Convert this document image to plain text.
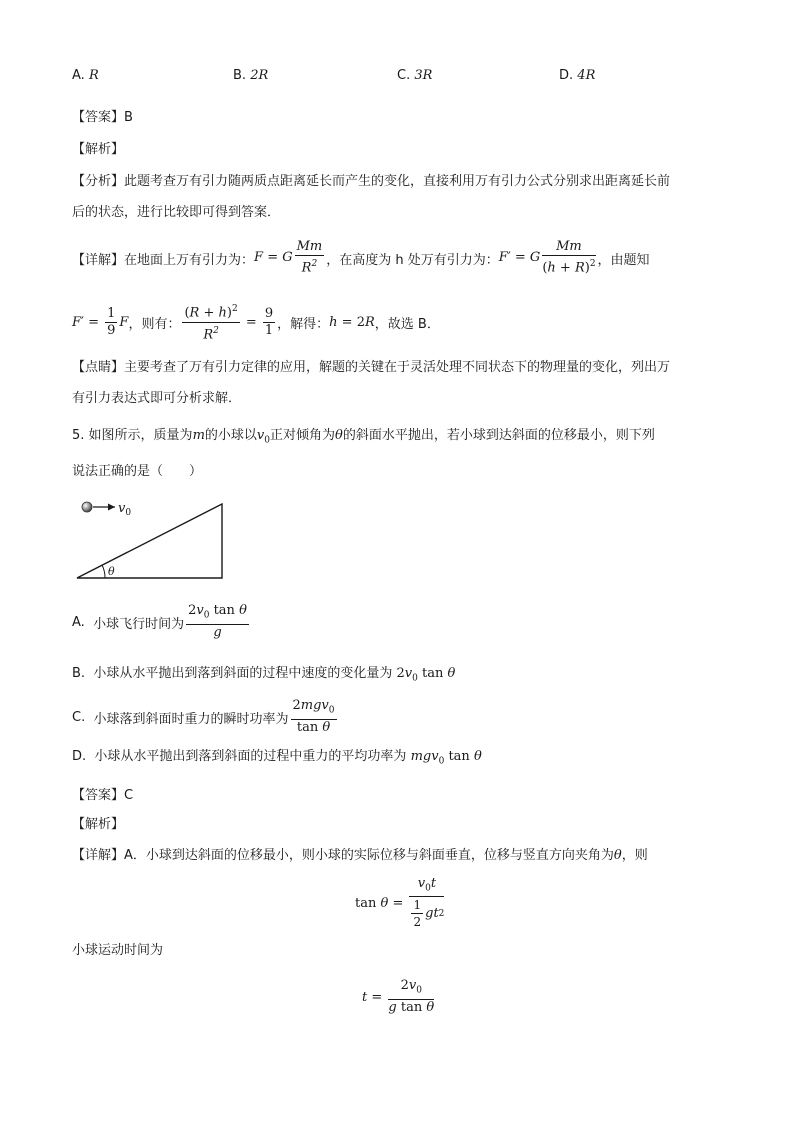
A. R	B. 2R	C. 3R	D. 4R
【答案】B
【解析】
【分析】此题考查万有引力随两质点距离延长而产生的变化，直接利用万有引力公式分别求出距离延长前
后的状态，进行比较即可得到答案．
【详解】 在地面上万有引力为： F = G $\frac{Mm}{R^2}$ ，在高度为 h 处万有引力为： F ′ = G $\frac{Mm}{(h + R)^2}$ ，由题知
F ′ = $\frac{1}{9}$ F ，则有： $\frac{(R + h)^2}{R^2} = \frac{9}{1}$ ，解得： h = 2R ，故选 B．
【点睛】主要考查了万有引力定律的应用，解题的关键在于灵活处理不同状态下的物理量的变化，列出万
有引力表达式即可分析求解．
5. 如图所示，质量为m的小球以$v_0$正对倾角为θ的斜面水平抛出，若小球到达斜面的位移最小，则下列
说法正确的是（　　）
$v_0$
θ
A.
小球飞行时间为 $\frac{2v_0 \tan \theta}{g}$
B. 小球从水平抛出到落到斜面的过程中速度的变化量为 $2v_0$ tan θ
C.
小球落到斜面时重力的瞬时功率为 $\frac{2mgv_0}{\text{tan θ}}$
D. 小球从水平抛出到落到斜面的过程中重力的平均功率为 mgv$_0$ tan θ
【答案】C
【解析】
【详解】A．小球到达斜面的位移最小，则小球的实际位移与斜面垂直，位移与竖直方向夹角为θ，则
$\tan \theta = \frac{v_0t}{\frac{1}{2} gt 2}$
小球运动时间为
$t = \frac{2v_0}{\text{g tan θ}}$
